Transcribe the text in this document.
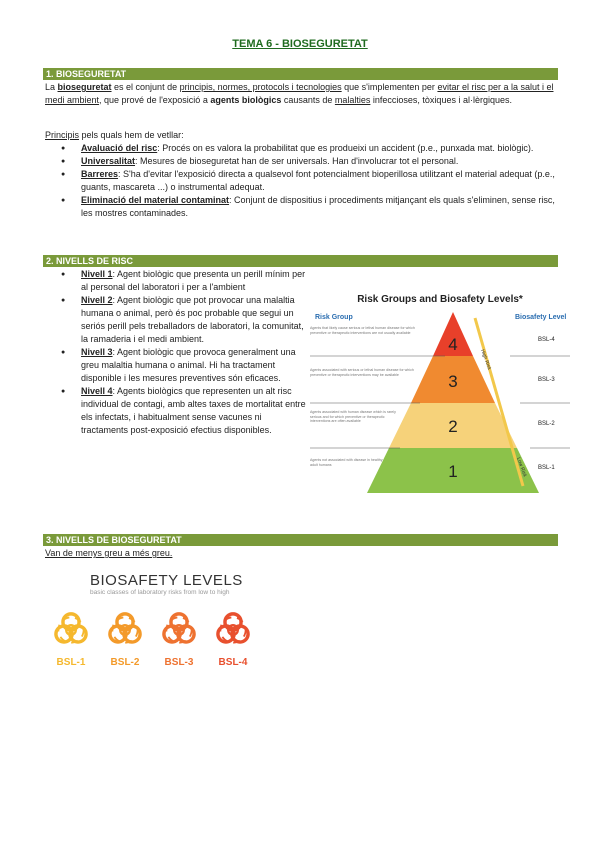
TEMA 6 - BIOSEGURETAT
1. BIOSEGURETAT
La bioseguretat es el conjunt de principis, normes, protocols i tecnologies que s'implementen per evitar el risc per a la salut i el medi ambient, que prové de l'exposició a agents biològics causants de malalties infeccioses, tòxiques i al·lèrgiques.
Principis pels quals hem de vetllar:
● Avaluació del risc: Procés on es valora la probabilitat que es produeixi un accident (p.e., punxada mat. biològic).
● Universalitat: Mesures de bioseguretat han de ser universals. Han d'involucrar tot el personal.
● Barreres: S'ha d'evitar l'exposició directa a qualsevol font potencialment bioperillosa utilitzant el material adequat (p.e., guants, mascareta ...) o instrumental adequat.
● Eliminació del material contaminat: Conjunt de dispositius i procediments mitjançant els quals s'eliminen, sense risc, les mostres contaminades.
2. NIVELLS DE RISC
● Nivell 1: Agent biològic que presenta un perill mínim per al personal del laboratori i per a l'ambient
● Nivell 2: Agent biològic que pot provocar una malaltia humana o animal, però és poc probable que segui un seriós perill pels treballadors de laboratori, la comunitat, la ramaderia i el medi ambient.
● Nivell 3: Agent biològic que provoca generalment una greu malaltia humana o animal. Hi ha tractament disponible i les mesures preventives són eficaces.
● Nivell 4: Agents biològics que representen un alt risc individual de contagi, amb altes taxes de mortalitat entre els infectats, i habitualment sense vacunes ni tractaments post-exposició efectius disponibles.
Risk Groups and Biosafety Levels*
Risk Group	Biosafety Level
4
3
2
1
High Risk
Low Risk
Agents that likely cause serious or lethal human disease for which preventive or therapeutic interventions are not usually available
Agents associated with serious or lethal human disease for which preventive or therapeutic interventions may be available
Agents associated with human disease which is rarely serious and for which preventive or therapeutic interventions are often available
Agents not associated with disease in healthy adult humans
BSL-4
BSL-3
BSL-2
BSL-1
3. NIVELLS DE BIOSEGURETAT
Van de menys greu a més greu.
BIOSAFETY LEVELS
basic classes of laboratory risks from low to high
BSL-1	BSL-2	BSL-3	BSL-4
